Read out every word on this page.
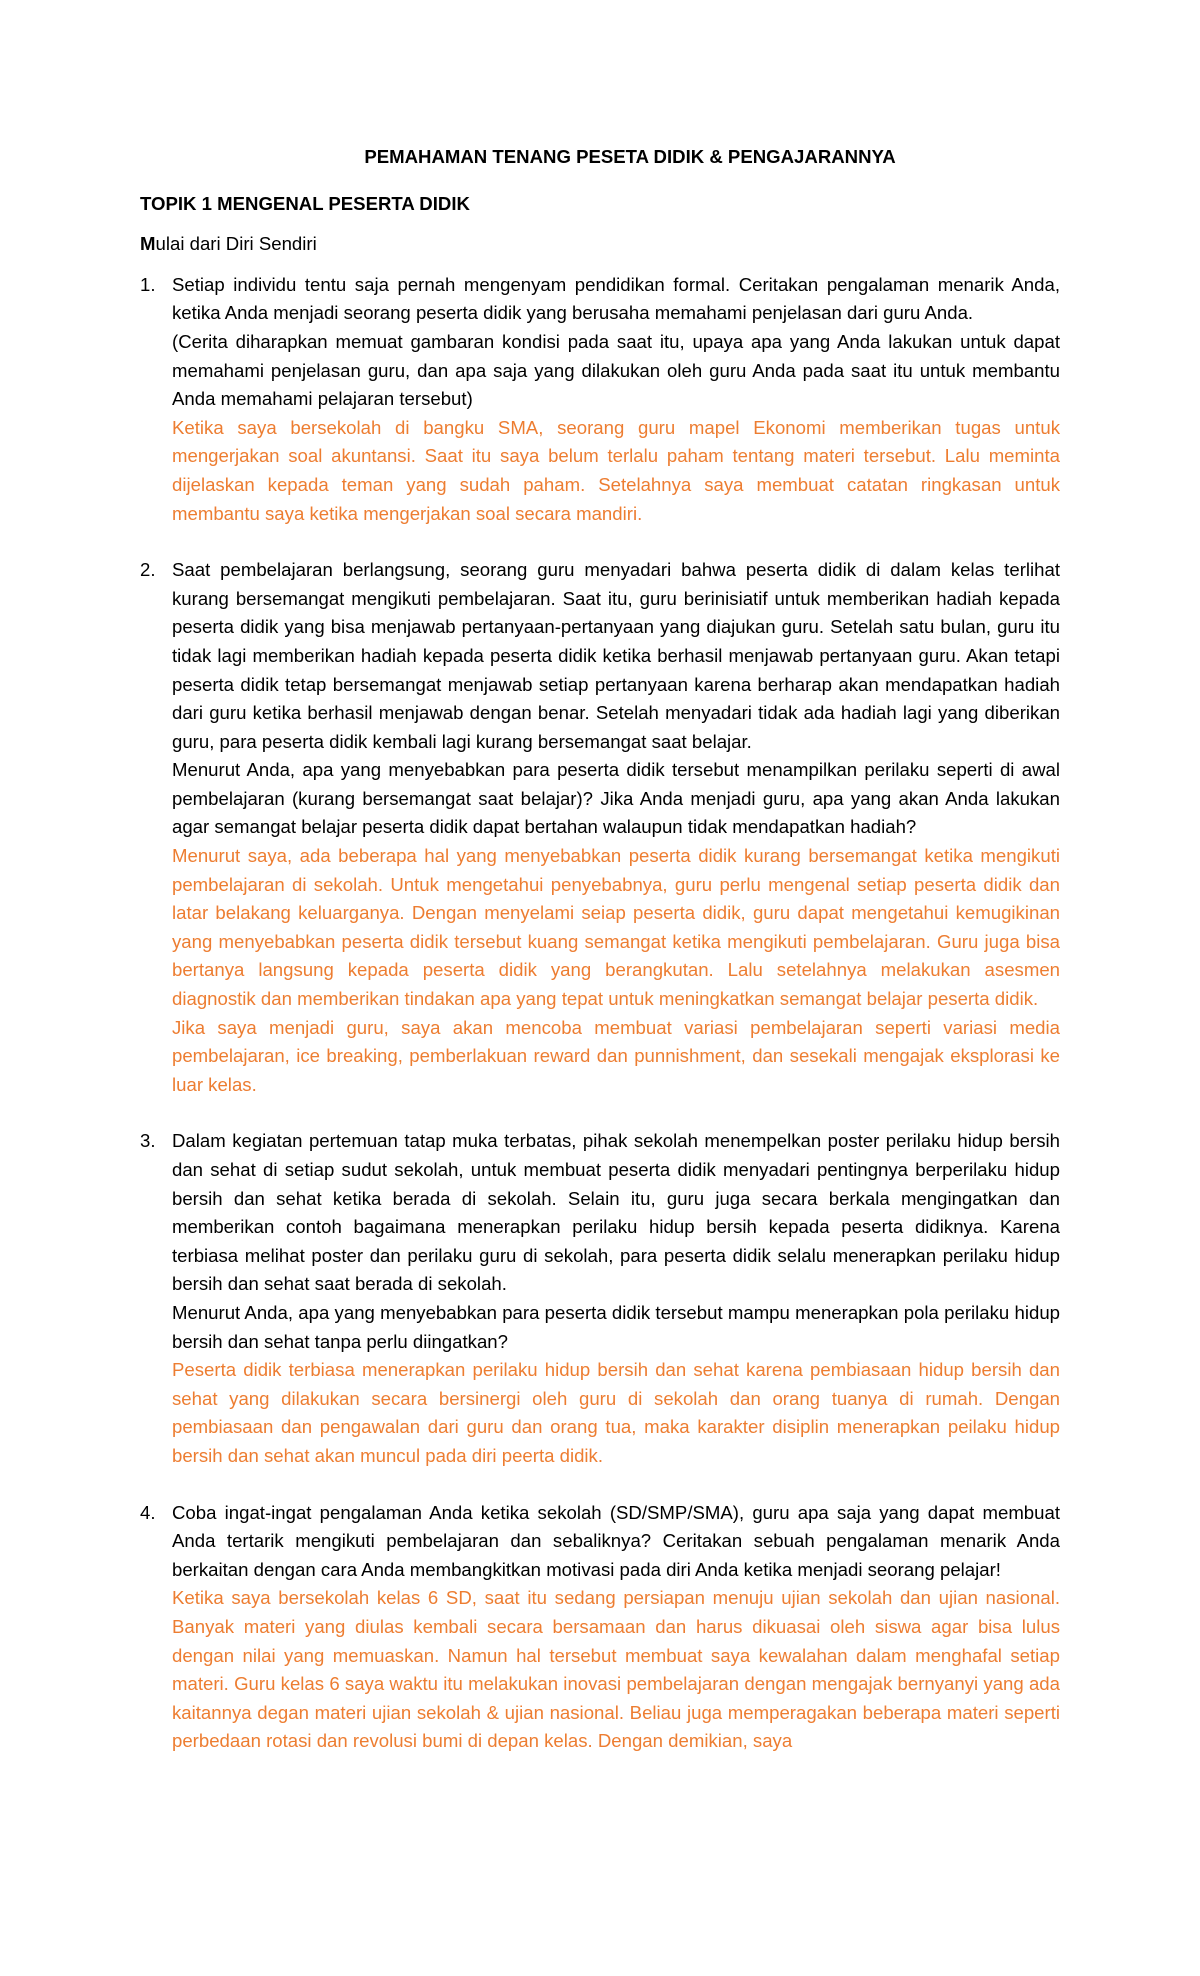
PEMAHAMAN TENANG PESETA DIDIK & PENGAJARANNYA
TOPIK 1 MENGENAL PESERTA DIDIK
Mulai dari Diri Sendiri
1. Setiap individu tentu saja pernah mengenyam pendidikan formal. Ceritakan pengalaman menarik Anda, ketika Anda menjadi seorang peserta didik yang berusaha memahami penjelasan dari guru Anda.

(Cerita diharapkan memuat gambaran kondisi pada saat itu, upaya apa yang Anda lakukan untuk dapat memahami penjelasan guru, dan apa saja yang dilakukan oleh guru Anda pada saat itu untuk membantu Anda memahami pelajaran tersebut)

Ketika saya bersekolah di bangku SMA, seorang guru mapel Ekonomi memberikan tugas untuk mengerjakan soal akuntansi. Saat itu saya belum terlalu paham tentang materi tersebut. Lalu meminta dijelaskan kepada teman yang sudah paham. Setelahnya saya membuat catatan ringkasan untuk membantu saya ketika mengerjakan soal secara mandiri.

2. Saat pembelajaran berlangsung, seorang guru menyadari bahwa peserta didik di dalam kelas terlihat kurang bersemangat mengikuti pembelajaran. Saat itu, guru berinisiatif untuk memberikan hadiah kepada peserta didik yang bisa menjawab pertanyaan-pertanyaan yang diajukan guru. Setelah satu bulan, guru itu tidak lagi memberikan hadiah kepada peserta didik ketika berhasil menjawab pertanyaan guru. Akan tetapi peserta didik tetap bersemangat menjawab setiap pertanyaan karena berharap akan mendapatkan hadiah dari guru ketika berhasil menjawab dengan benar. Setelah menyadari tidak ada hadiah lagi yang diberikan guru, para peserta didik kembali lagi kurang bersemangat saat belajar.

Menurut Anda, apa yang menyebabkan para peserta didik tersebut menampilkan perilaku seperti di awal pembelajaran (kurang bersemangat saat belajar)? Jika Anda menjadi guru, apa yang akan Anda lakukan agar semangat belajar peserta didik dapat bertahan walaupun tidak mendapatkan hadiah?

Menurut saya, ada beberapa hal yang menyebabkan peserta didik kurang bersemangat ketika mengikuti pembelajaran di sekolah. Untuk mengetahui penyebabnya, guru perlu mengenal setiap peserta didik dan latar belakang keluarganya. Dengan menyelami seiap peserta didik, guru dapat mengetahui kemugikinan yang menyebabkan peserta didik tersebut kuang semangat ketika mengikuti pembelajaran. Guru juga bisa bertanya langsung kepada peserta didik yang berangkutan. Lalu setelahnya melakukan asesmen diagnostik dan memberikan tindakan apa yang tepat untuk meningkatkan semangat belajar peserta didik.

Jika saya menjadi guru, saya akan mencoba membuat variasi pembelajaran seperti variasi media pembelajaran, ice breaking, pemberlakuan reward dan punnishment, dan sesekali mengajak eksplorasi ke luar kelas.

3. Dalam kegiatan pertemuan tatap muka terbatas, pihak sekolah menempelkan poster perilaku hidup bersih dan sehat di setiap sudut sekolah, untuk membuat peserta didik menyadari pentingnya berperilaku hidup bersih dan sehat ketika berada di sekolah. Selain itu, guru juga secara berkala mengingatkan dan memberikan contoh bagaimana menerapkan perilaku hidup bersih kepada peserta didiknya. Karena terbiasa melihat poster dan perilaku guru di sekolah, para peserta didik selalu menerapkan perilaku hidup bersih dan sehat saat berada di sekolah.

Menurut Anda, apa yang menyebabkan para peserta didik tersebut mampu menerapkan pola perilaku hidup bersih dan sehat tanpa perlu diingatkan?

Peserta didik terbiasa menerapkan perilaku hidup bersih dan sehat karena pembiasaan hidup bersih dan sehat yang dilakukan secara bersinergi oleh guru di sekolah dan orang tuanya di rumah. Dengan pembiasaan dan pengawalan dari guru dan orang tua, maka karakter disiplin menerapkan peilaku hidup bersih dan sehat akan muncul pada diri peerta didik.

4. Coba ingat-ingat pengalaman Anda ketika sekolah (SD/SMP/SMA), guru apa saja yang dapat membuat Anda tertarik mengikuti pembelajaran dan sebaliknya? Ceritakan sebuah pengalaman menarik Anda berkaitan dengan cara Anda membangkitkan motivasi pada diri Anda ketika menjadi seorang pelajar!

Ketika saya bersekolah kelas 6 SD, saat itu sedang persiapan menuju ujian sekolah dan ujian nasional. Banyak materi yang diulas kembali secara bersamaan dan harus dikuasai oleh siswa agar bisa lulus dengan nilai yang memuaskan. Namun hal tersebut membuat saya kewalahan dalam menghafal setiap materi. Guru kelas 6 saya waktu itu melakukan inovasi pembelajaran dengan mengajak bernyanyi yang ada kaitannya degan materi ujian sekolah & ujian nasional. Beliau juga memperagakan beberapa materi seperti perbedaan rotasi dan revolusi bumi di depan kelas. Dengan demikian, saya
